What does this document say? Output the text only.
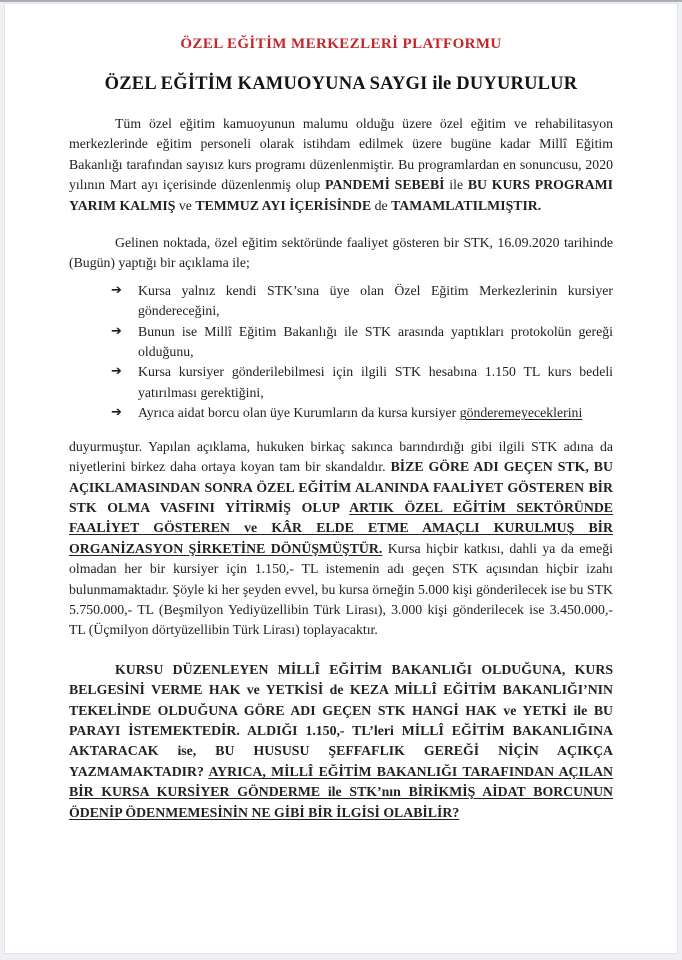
ÖZEL EĞİTİM MERKEZLERİ PLATFORMU
ÖZEL EĞİTİM KAMUOYUNA SAYGI ile DUYURULUR

Tüm özel eğitim kamuoyunun malumu olduğu üzere özel eğitim ve rehabilitasyon merkezlerinde eğitim personeli olarak istihdam edilmek üzere bugüne kadar Millî Eğitim Bakanlığı tarafından sayısız kurs programı düzenlenmiştir. Bu programlardan en sonuncusu, 2020 yılının Mart ayı içerisinde düzenlenmiş olup PANDEMİ SEBEBİ ile BU KURS PROGRAMI YARIM KALMIŞ ve TEMMUZ AYI İÇERİSİNDE de TAMAMLATILMIŞTIR.

Gelinen noktada, özel eğitim sektöründe faaliyet gösteren bir STK, 16.09.2020 tarihinde (Bugün) yaptığı bir açıklama ile;

➔	Kursa yalnız kendi STK’sına üye olan Özel Eğitim Merkezlerinin kursiyer göndereceğini,
➔	Bunun ise Millî Eğitim Bakanlığı ile STK arasında yaptıkları protokolün gereği olduğunu,
➔	Kursa kursiyer gönderilebilmesi için ilgili STK hesabına 1.150 TL kurs bedeli yatırılması gerektiğini,
➔	Ayrıca aidat borcu olan üye Kurumların da kursa kursiyer gönderemeyeceklerini

duyurmuştur. Yapılan açıklama, hukuken birkaç sakınca barındırdığı gibi ilgili STK adına da niyetlerini birkez daha ortaya koyan tam bir skandaldır. BİZE GÖRE ADI GEÇEN STK, BU AÇIKLAMASINDAN SONRA ÖZEL EĞİTİM ALANINDA FAALİYET GÖSTEREN BİR STK OLMA VASFINI YİTİRMİŞ OLUP ARTIK ÖZEL EĞİTİM SEKTÖRÜNDE FAALİYET GÖSTEREN ve KÂR ELDE ETME AMAÇLI KURULMUŞ BİR ORGANİZASYON ŞİRKETİNE DÖNÜŞMÜŞTÜR. Kursa hiçbir katkısı, dahli ya da emeği olmadan her bir kursiyer için 1.150,- TL istemenin adı geçen STK açısından hiçbir izahı bulunmamaktadır. Şöyle ki her şeyden evvel, bu kursa örneğin 5.000 kişi gönderilecek ise bu STK 5.750.000,- TL (Beşmilyon Yediyüzellibin Türk Lirası), 3.000 kişi gönderilecek ise 3.450.000,- TL (Üçmilyon dörtyüzellibin Türk Lirası) toplayacaktır.

KURSU DÜZENLEYEN MİLLÎ EĞİTİM BAKANLIĞI OLDUĞUNA, KURS BELGESİNİ VERME HAK ve YETKİSİ de KEZA MİLLÎ EĞİTİM BAKANLIĞI’NIN TEKELİNDE OLDUĞUNA GÖRE ADI GEÇEN STK HANGİ HAK ve YETKİ ile BU PARAYI İSTEMEKTEDİR. ALDIĞI 1.150,- TL’leri MİLLÎ EĞİTİM BAKANLIĞINA AKTARACAK ise, BU HUSUSU ŞEFFAFLIK GEREĞİ NİÇİN AÇIKÇA YAZMAMAKTADIR? AYRICA, MİLLÎ EĞİTİM BAKANLIĞI TARAFINDAN AÇILAN BİR KURSA KURSİYER GÖNDERME ile STK’nın BİRİKMİŞ AİDAT BORCUNUN ÖDENİP ÖDENMEMESİNİN NE GİBİ BİR İLGİSİ OLABİLİR?
